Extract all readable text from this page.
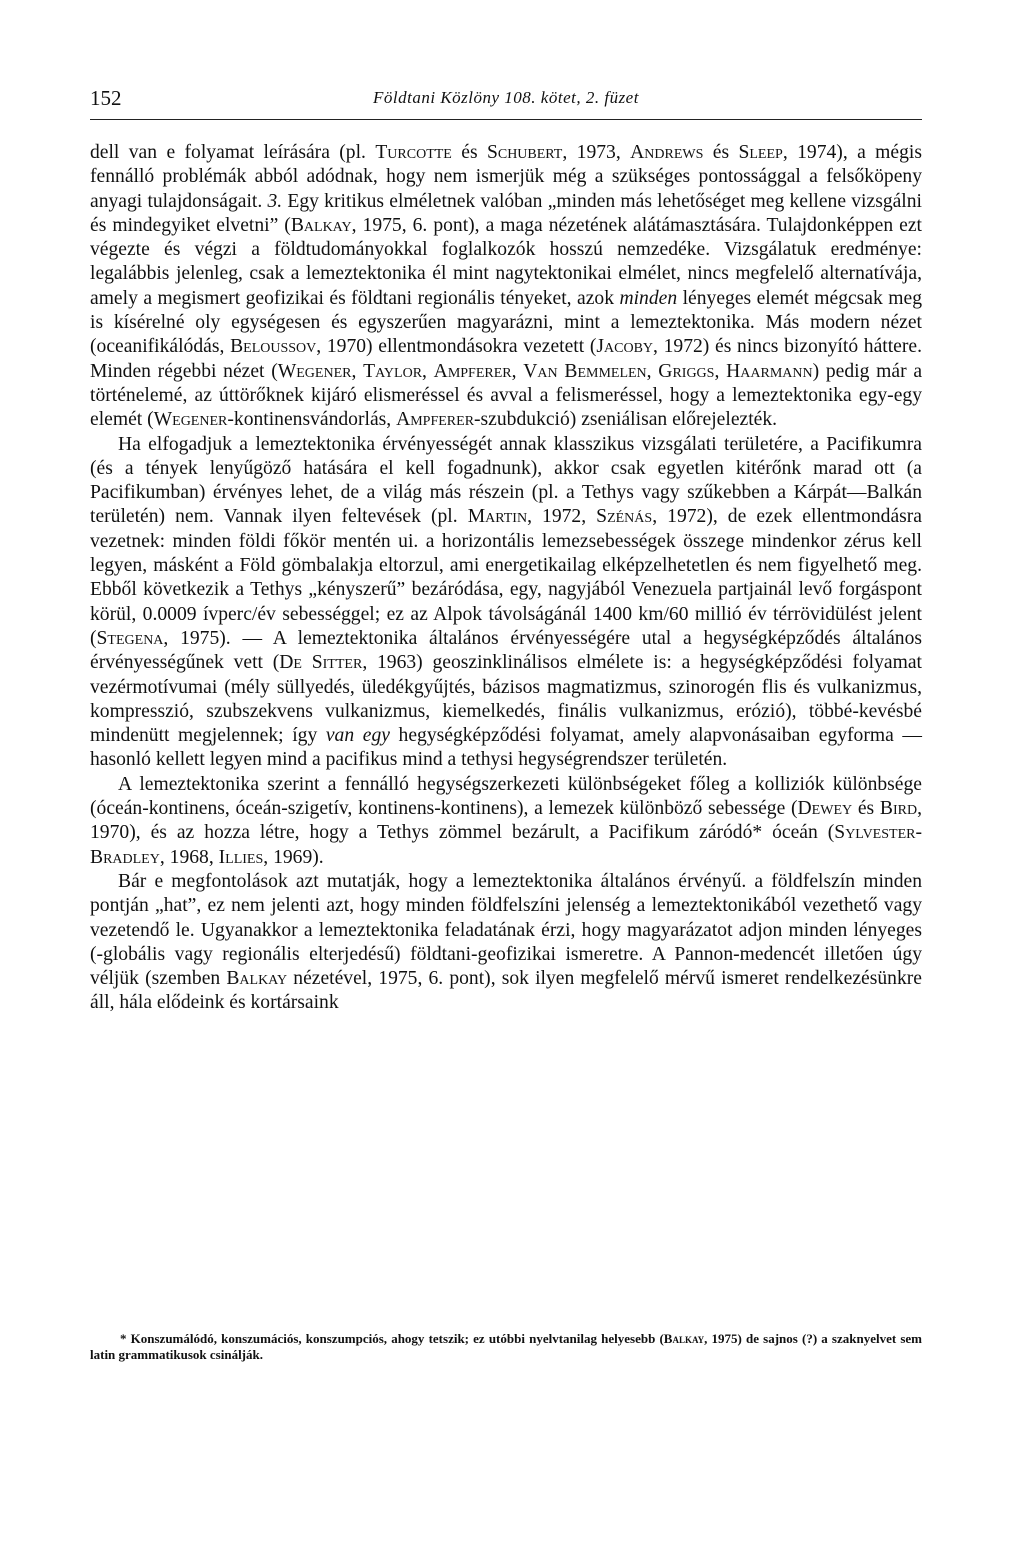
152	Földtani Közlöny 108. kötet, 2. füzet

dell van e folyamat leírására (pl. Turcotte és Schubert, 1973, Andrews és Sleep, 1974), a mégis fennálló problémák abból adódnak, hogy nem ismerjük még a szükséges pontossággal a felsőköpeny anyagi tulajdonságait. 3. Egy kritikus elméletnek valóban „minden más lehetőséget meg kellene vizsgálni és mindegyiket elvetni” (Balkay, 1975, 6. pont), a maga nézetének alátámasztására. Tulajdonképpen ezt végezte és végzi a földtudományokkal foglalkozók hosszú nemzedéke. Vizsgálatuk eredménye: legalábbis jelenleg, csak a lemeztektonika él mint nagytektonikai elmélet, nincs megfelelő alternatívája, amely a megismert geofizikai és földtani regionális tényeket, azok minden lényeges elemét mégcsak meg is kísérelné oly egységesen és egyszerűen magyarázni, mint a lemeztektonika. Más modern nézet (oceanifikálódás, Beloussov, 1970) ellentmondásokra vezetett (Jacoby, 1972) és nincs bizonyító háttere. Minden régebbi nézet (Wegener, Taylor, Ampferer, Van Bemmelen, Griggs, Haarmann) pedig már a történelemé, az úttörőknek kijáró elismeréssel és avval a felismeréssel, hogy a lemeztektonika egy-egy elemét (Wegener-kontinensvándorlás, Ampferer-szubdukció) zseniálisan előrejelezték.

Ha elfogadjuk a lemeztektonika érvényességét annak klasszikus vizsgálati területére, a Pacifikumra (és a tények lenyűgöző hatására el kell fogadnunk), akkor csak egyetlen kitérőnk marad ott (a Pacifikumban) érvényes lehet, de a világ más részein (pl. a Tethys vagy szűkebben a Kárpát—Balkán területén) nem. Vannak ilyen feltevések (pl. Martin, 1972, Szénás, 1972), de ezek ellentmondásra vezetnek: minden földi főkör mentén ui. a horizontális lemezsebességek összege mindenkor zérus kell legyen, másként a Föld gömbalakja eltorzul, ami energetikailag elképzelhetetlen és nem figyelhető meg. Ebből következik a Tethys „kényszerű” bezáródása, egy, nagyjából Venezuela partjainál levő forgáspont körül, 0.0009 ívperc/év sebességgel; ez az Alpok távolságánál 1400 km/60 millió év térrövidülést jelent (Stegena, 1975). — A lemeztektonika általános érvényességére utal a hegységképződés általános érvényességűnek vett (De Sitter, 1963) geoszinklinálisos elmélete is: a hegységképződési folyamat vezérmotívumai (mély süllyedés, üledékgyűjtés, bázisos magmatizmus, szinorogén flis és vulkanizmus, kompresszió, szubszekvens vulkanizmus, kiemelkedés, finális vulkanizmus, erózió), többé-kevésbé mindenütt megjelennek; így van egy hegységképződési folyamat, amely alapvonásaiban egyforma — hasonló kellett legyen mind a pacifikus mind a tethysi hegységrendszer területén.

A lemeztektonika szerint a fennálló hegységszerkezeti különbségeket főleg a kolliziók különbsége (óceán-kontinens, óceán-szigetív, kontinens-kontinens), a lemezek különböző sebessége (Dewey és Bird, 1970), és az hozza létre, hogy a Tethys zömmel bezárult, a Pacifikum záródó* óceán (Sylvester-Bradley, 1968, Illies, 1969).

Bár e megfontolások azt mutatják, hogy a lemeztektonika általános érvényű. a földfelszín minden pontján „hat”, ez nem jelenti azt, hogy minden földfelszíni jelenség a lemeztektonikából vezethető vagy vezetendő le. Ugyanakkor a lemeztektonika feladatának érzi, hogy magyarázatot adjon minden lényeges (-globális vagy regionális elterjedésű) földtani-geofizikai ismeretre. A Pannon-medencét illetően úgy véljük (szemben Balkay nézetével, 1975, 6. pont), sok ilyen megfelelő mérvű ismeret rendelkezésünkre áll, hála elődeink és kortársaink

* Konszumálódó, konszumációs, konszumpciós, ahogy tetszik; ez utóbbi nyelvtanilag helyesebb (Balkay, 1975) de sajnos (?) a szaknyelvet sem latin grammatikusok csinálják.
